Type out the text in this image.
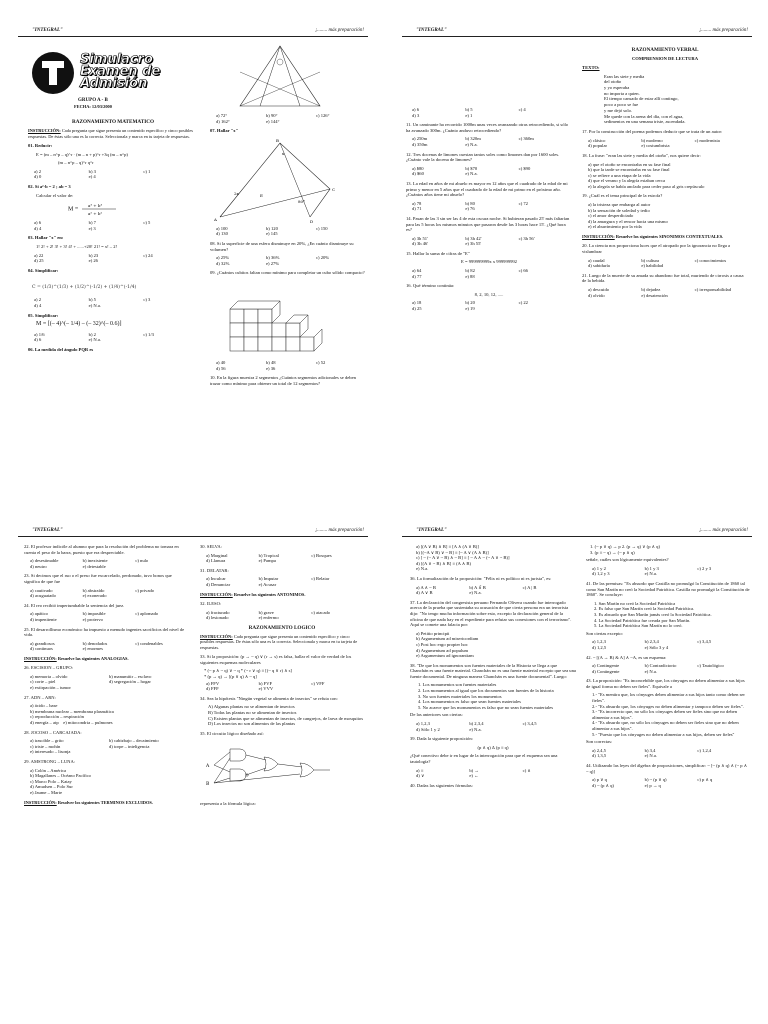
"INTEGRAL"	¡........ más preparación!
Simulacro
Examen de
Admisión
GRUPO A - B
FECHA: 12/03/2000
RAZONAMIENTO MATEMATICO
INSTRUCCIÓN: Cada pregunta que sigue presenta un contenido específico y cinco posibles respuestas. De éstas sólo una es la correcta. Seleccionala y marca en tu tarjeta de respuestas.
01. Reducir:
E = (m – n^p – q)^r · (m – n + p)^r +3q (m – n^p)
(m – n^p – q)^r q^r
a) 2	b) 3	c) 1
d) 0	e) 4
02. Si a²·b = 2 ; ab = 3
Calcular el valor de:
M =
a³ + b³
a² + b²
a) 6	b) 7	c) 5
d) 4	e) 3
03. Hallar "x" en:
1! 2! + 2! 3! + 3! 4! + ......+20! 21! = x! – 2!
a) 22	b) 23	c) 24
d) 25	e) 26
04. Simplificar:
C = (1/3)^(1/3) + (1/2)^(-1/2) + (1/4)^(-1/4)
a) 2	b) 5	c) 3
d) 4	e) N.a.
05. Simplificar:
M = [(– 4)^(– 1/4) – (– 32)^(– 0.6)]
a) 1/6	b) 2	c) 1/3
d) 6	e) N.a.
06. La medida del ángulo PQR es
a) 72°	b) 90°	c) 126°
d) 162°	e) 144°
07. Hallar "x"
A
B
C
D
E
2x
80°
x
a) 100	b) 120	c) 150
d) 130	e) 145
08. Si la superficie de una esfera disminuye en 20%, ¿En cuánto disminuye su volumen?
a) 25%	b) 36%	c) 20%
d) 32%	e) 27%
09. ¿Cuántos cubitos faltan como mínimo para completar un cubo sólido compacto?
a) 40	b) 48	c) 52
d) 56	e) 36
10. En la figura muestra 2 segmentos ¿Cuántos segmentos adicionales se deben trazar como mínimo para obtener un total de 12 segmentos?
"INTEGRAL"	¡........ más preparación!
a) 6	b) 5	c) 4
d) 3	e) 1
11. Un caminante ha recorrido 1000m unas veces avanzando otras retrocediendo, si sólo ha avanzado 300m. ¿Cuánto anduvo retrocediendo?
a) 250m	b) 320m	c) 360m
d) 350m	e) N.a.
12. Tres docenas de limones cuestan tantos soles como limones dan por 1600 soles. ¿Cuánto vale la docena de limones?
a) $80	b) $70	c) $90
d) $60	e) N.a.
13. La edad en años de mi abuelo es mayor en 12 años que el cuadrado de la edad de mi primo y menor en 5 años que el cuadrado de la edad de mi primo en el próximo año. ¿Cuántos años tiene mi abuelo?
a) 78	b) 80	c) 72
d) 71	e) 76
14. Pasan de las 3 sin ser las 4 de esta oscura noche. Si hubieran pasado 25' más faltarían para las 5 horas los mismos minutos que pasaron desde las 3 horas hace 15'. ¿Qué hora es?
a) 3h 51'	b) 3h 42'	c) 3h 56'
d) 3h 46'	e) 3h 55'
15. Hallar la suma de cifras de "E"
E = 999999999x x 999999992
a) 64	b) 82	c) 66
d) 77	e) 88
16. Qué término continúa:
8, 2, 10, 12, .....
a) 18	b) 20	c) 22
d) 25	e) 19
RAZONAMIENTO VERBAL
COMPRENSION DE LECTURA
TEXTO:
Eran las siete y media
del otoño
y yo esperaba
no importa a quien.
El tiempo cansado de estar allí contingo,
poco a poco se fue
y me dejó solo.
Me quede con la arena del día, con el agua,
sedimentos en una semana triste, ascendada.
17. Por la construcción del poema podemos deducir que se trata de un autor:
a) clásico	b) moderno	c) modernista
d) popular	e) costumbrista
18. La frase: "eran las siete y media del otoño", nos quiere decir:
a) que el otoño se encontraba en su fase final
b) que la tarde se encontraba en su fase final
c) se refiere a una etapa de la vida
d) que el verano y la alegría estaban cerca
e) la alegría se había anclado para ceder paso al gris crepúsculo
19. ¿Cuál es el tema principal de la estrofa?
a) la tristeza que embarga al autor
b) la sensación de soledad y tedio
c) el amor desperdiciado
d) la amargura y el rencor hacia una mismo
e) el aburrimiento por la vida
INSTRUCCIÓN: Resuelve los siguientes SINONIMOS CONTEXTUALES.
20. La ciencia nos proporciona luces que el atropado por la ignorancia no llega a vislumbrar
a) caudal	b) cultura	c) conocimientos
d) sabiduría	e) habilidad
21. Luego de la muerte de su amada su abandono fue total, muriendo de cirrosis a causa de la bebida.
a) descuido	b) dejadez	c) irresponsabilidad
d) olvido	e) desatención
"INTEGRAL"	¡........ más preparación!
22. El profesor indicóle al alumno que para la resolución del problema no tomara en cuenta el peso de la barra, puesto que era despreciable.
a) desestimable	b) inexistente	c) nulo
d) neutro	e) detestable
23. Si decimos que el ruo o el preso fue excarcelado, perdonado, tuvo bonos que significa de que fue
a) cautivado	b) abstraído	c) privado
d) acuguatado	e) exonerado
24. El reo recibió impertumbable la sentencia del juez.
a) apático	b) impasible	c) aplomado
d) impenitente	e) protervo
25. El desarrollismo económico ha impuesto a menudo ingentes sacrificios del nivel de vida.
a) grandiosos	b) denodados	c) condenables
d) continuos	e) enormes
INSTRUCCIÓN: Resuelve las siguientes ANALOGIAS.
26. ESCISION – GRUPO:
a) memoria – olvido	b) manumitir – esclavo
c) corte – piel	d) segregación – hogar
e) extirpación – tumor
27. ADN – ARN:
a) ácido – base
b) membrana nuclear – membrana plasmática
c) reproducción – respiración
d) energía – atp e) mitocondria – pulmones
28. JOCOSO – CARCAJADA:
a) irascible – grito	b) cabizbajo – decaimiento
c) triste – mohín	d) torpe – inteligencia
e) interesado – lisonja
29. AMSTRONG – LUNA:
a) Colón – América
b) Magallanes – Océano Pacífico
c) Marco Polo – Katay
d) Amudsen – Polo Sur
e) Jaume – Marte
INSTRUCCIÓN: Resolver los siguientes TERMINOS EXCLUIDOS.
30. SELVA:
a) Marginal	b) Tropical	c) Bosques
d) Llanura	e) Pampa
31. DELATAR:
a) Inculcar	b) Imputar	c) Relatar
d) Denunciar	e) Acusar
INSTRUCCIÓN: Resuelve los siguientes ANTONIMOS.
32. ILESO:
a) fracturado	b) grave	c) atacado
d) lesionado	e) enfermo
RAZONAMIENTO LOGICO
INSTRUCCIÓN: Cada pregunta que sigue presenta un contenido específico y cinco posibles respuestas. De éstas sólo una es la correcta. Seleccionala y marca en tu tarjeta de respuestas.
33. Si la proposición: (p → ~ q) ∨ (r → s) es falsa, hallar el valor de verdad de los siguientes esquemas moleculares
* (~ p ∧ ~ q) ∨ ~ q * (~ r ∨ q) ≡ [(~ q ∨ r) ∧ s]
* (p → q) → [(p ∨ q) ∧ ~ q]
a) FFV	b) FVF	c) VFF
d) FFF	e) VVV
34. Sea la hipótesis "Ningún vegetal se alimenta de insectos" se refuta con:
A) Algunas plantas no se alimentan de insectos
B) Todas las plantas no se alimentan de insectos
C) Existen plantas que se alimentan de insectos, de cangrejos, de larva de mosquitos
D) Los insectos no son alimentos de las plantas
35. El circuito lógico diseñado así:
A
B
representa a la fórmula lógica:
"INTEGRAL"	¡........ más preparación!
a) [(A ∨ B) ∧ B] ≡ [A ∧ (A ∨ B)]
b) [(~A ∨ B) ∨ ~ B] ≡ [~ A ∨ (A ∧ B)]
c) [ ~ (~ A ∨ ~ B) ∧ ~ B] ≡ [ ~ A ∧ ~ (~ A ∨ ~ B)]
d) [(A ∨ ~ B) ∧ B] ≡ (A ∧ B)
e) N.a.
36. La formalización de la proposición: "Félix ni es político ni es jurista", es:
a) A ∧ ~ B	b) A ∧̄ B	c) A | B
d) A ∨ B	e) N.a.
37. La declaración del congresista peruano Fernando Olivera cuando fue interrogado acerca de la prueba que sustentaba su acusación de que cierta persona era un terrorista dijo: "No tengo mucha información sobre esto, excepto la declaración general de la oficina de que nada hay en el expediente para refutar sus conexiones con el terrorismo". Aquí se comete una falacia por:
a) Petitio principii
b) Argumentum ad misericordiam
c) Post hoc ergo propter hoc
d) Argumentum ad populum
e) Argumentum ad ignorantiam
38. "De que los monumentos son fuentes materiales de la Historia se llega a que Chanchán es una fuente material. Chanchán no es una fuente material excepto que sea una fuente documental. De ninguna manera Chanchán es una fuente documental". Luego:
1. Los monumentos son fuentes materiales
2. Los monumentos al igual que los documentos son fuentes de la historia
3. No son fuentes materiales los monumentos
4. Los monumentos es falso que sean fuentes materiales
5. No acaece que los monumentos es falso que no sean fuentes materiales
De las anteriores son ciertas:
a) 1,2,3	b) 2,3,4	c) 3,4,5
d) Sólo 1 y 2	e) N.a.
39. Dada la siguiente proposición:
(p ∧ q) ∆ (p ≡ q)
¿Qué conectivo debe ir en lugar de la interrogación para que el esquema sea una tautología?
a) ≡	b) →	c) ∧
d) ∨	e) ←
40. Dadas las siguientes fórmulas:
1. (~ p ∨ q) → p 2. (p → q) ∨ (p ∧ q)
3. (p ≡ ~ q) → (~ p ∧ q)
señale, cuáles son lógicamente equivalentes?
a) 1 y 2	b) 1 y 3	c) 2 y 3
d) 1,2 y 3	e) N.a.
41. De las premisas: "Es absurdo que Castilla no promulgó la Constitución de 1860 tal como San Martín no creó la Sociedad Patriótica. Castilla no promulgó la Constitución de 1860". Se concluye:
1. San Martín no creó la Sociedad Patriótica
2. Es falso que San Martín creó la Sociedad Patriótica.
3. Es absurdo que San Martín jamás creó la Sociedad Patriótica.
4. La Sociedad Patriótica fue creada por San Martín.
5. La Sociedad Patriótica San Martín no lo creó.
Son ciertas excepto:
a) 1,2,3	b) 2,3,4	c) 3,4,5
d) 1,2,5	e) Sólo 3 y 4
42. ~ [(A → B) & A] ∧ ~A, es un esquema:
a) Contingente	b) Contradictorio	c) Tautológico
d) Contingente	e) N.a.
43. La proposición: "Es inconcebible que, los cónyuges no deben alimentar a sus hijos de igual forma no deben ser fieles". Equivale a
1.- "Es mentira que, los cónyuges deben alimentar a sus hijos tanto como deben ser fieles".
2.- "Es absurdo que, los cónyuges no deben alimentar y tampoco deben ser fieles".
3.- "Es incorrecto que, no sólo los cónyuges deben ser fieles sino que no deben alimentar a sus hijos".
4.- "Es absurdo que, no sólo los cónyuges no deben ser fieles sino que no deben alimentar a sus hijos".
5.- "Puesto que los cónyuges no deben alimentar a sus hijos, deben ser fieles"
Son correctas:
a) 2,4,5	b) 3,4	c) 1,2,4
d) 1,3,5	e) N.a.
44. Utilizando las leyes del álgebra de proposiciones, simplificar: ~ [~ (p ∧ q) ∧ (~ p ∧ ~ q)]
a) p ∨ q	b) ~ (p ∨ q)	c) p ∧ q
d) ~ (p ∧ q)	e) p → q
